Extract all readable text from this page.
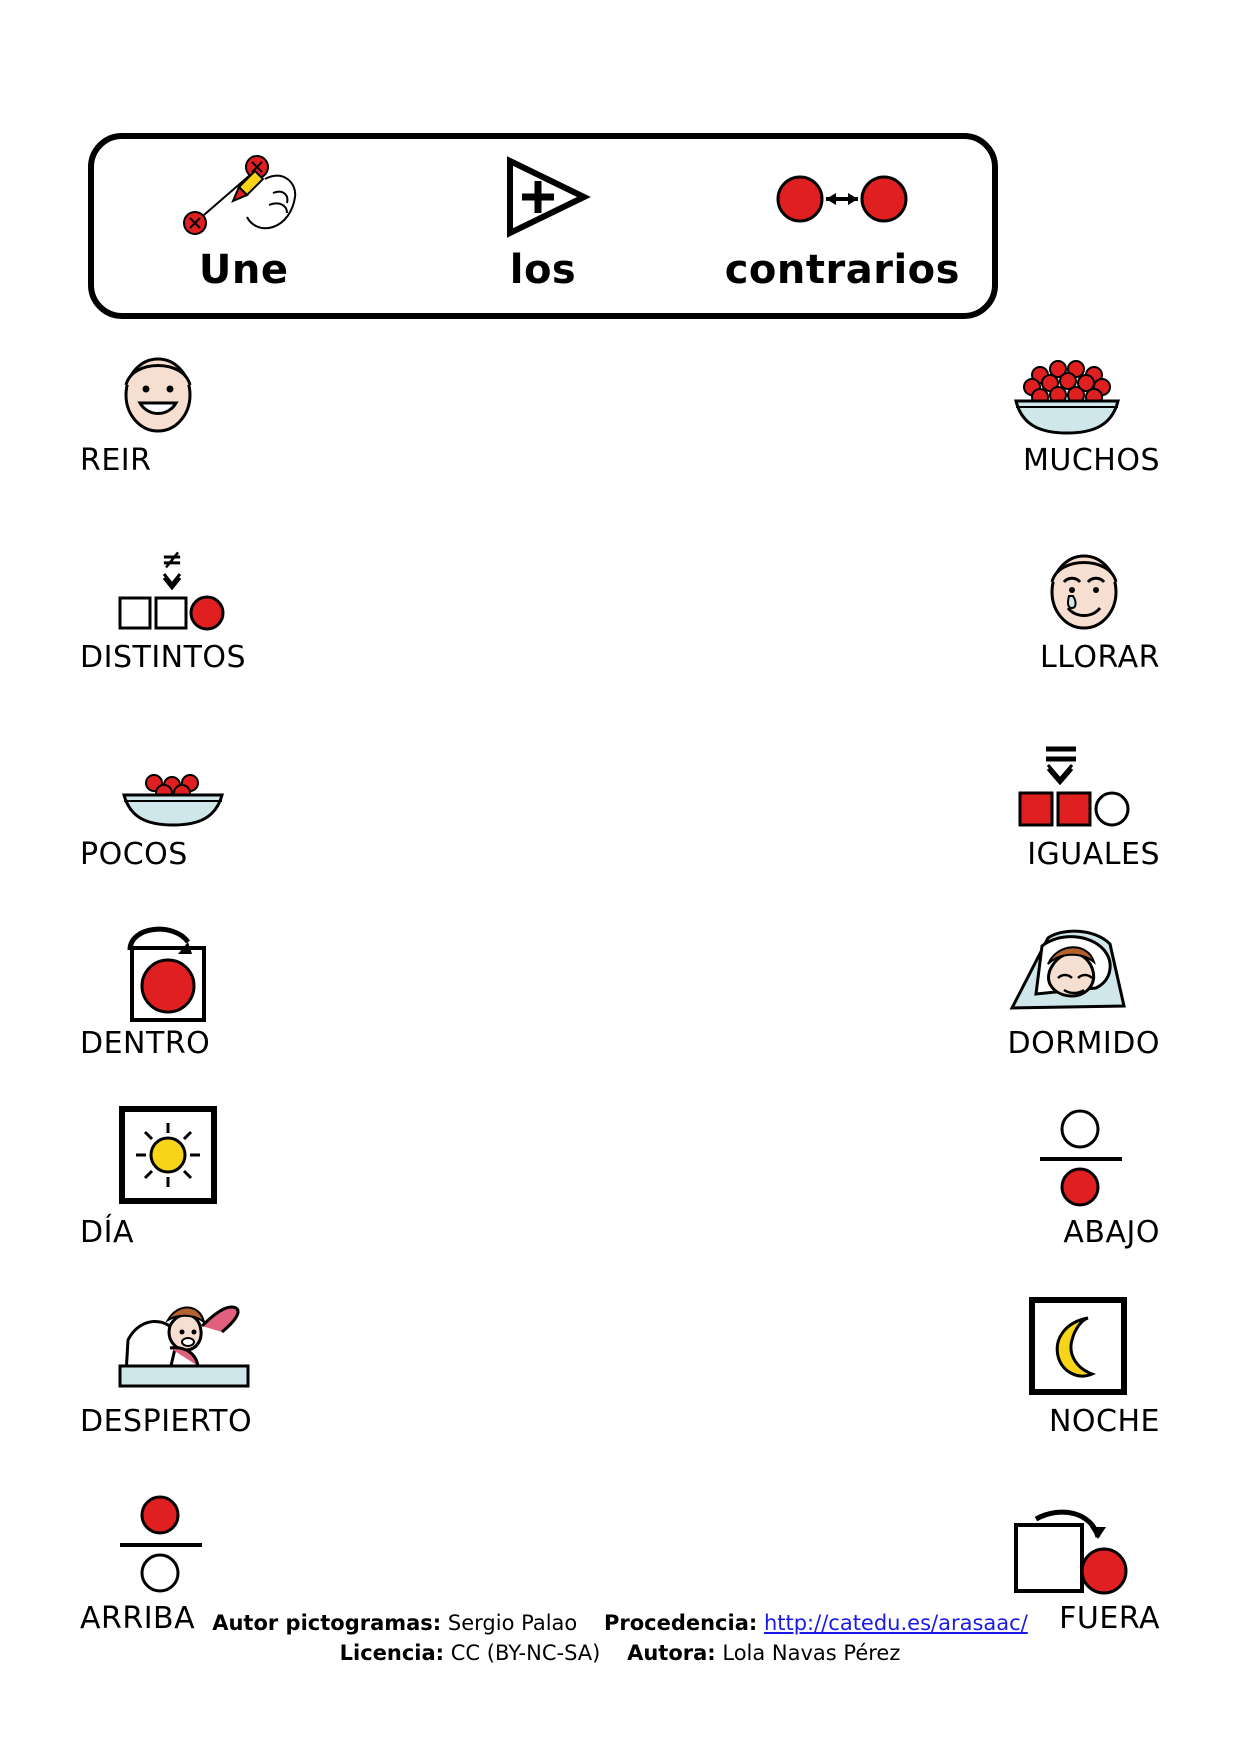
Une	los	contrarios
REIR
≠
DISTINTOS
POCOS
DENTRO
DÍA
DESPIERTO
ARRIBA
MUCHOS
LLORAR
IGUALES
DORMIDO
ABAJO
NOCHE
FUERA
Autor pictogramas: Sergio Palao Procedencia: http://catedu.es/arasaac/
Licencia: CC (BY-NC-SA) Autora: Lola Navas Pérez
